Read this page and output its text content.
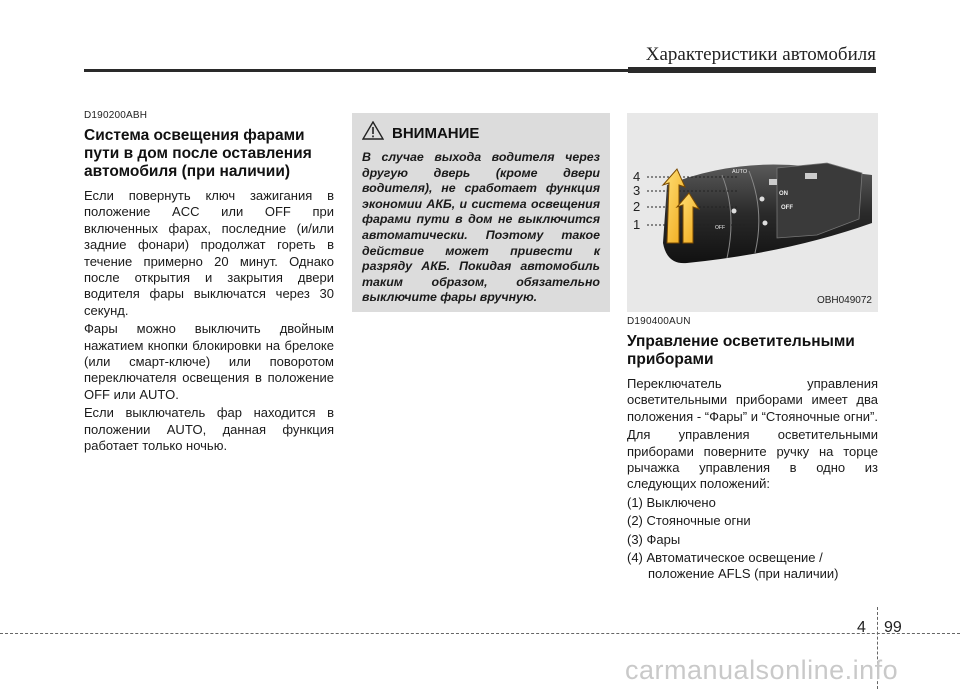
Характеристики автомобиля
D190200ABH
Система освещения фарами пути в дом после оставления автомобиля (при наличии)

Если повернуть ключ зажигания в положение ACC или OFF при включенных фарах, последние (и/или задние фонари) продолжат гореть в течение примерно 20 минут. Однако после открытия и закрытия двери водителя фары выключатся через 30 секунд.

Фары можно выключить двойным нажатием кнопки блокировки на брелоке (или смарт-ключе) или поворотом переключателя освещения в положение OFF или AUTO.

Если выключатель фар находится в положении AUTO, данная функция работает только ночью.

ВНИМАНИЕ
В случае выхода водителя через другую дверь (кроме двери водителя), не сработает функция экономии АКБ, и система освещения фарами пути в дом не выключится автоматически. Поэтому такое действие может привести к разряду АКБ. Покидая автомобиль таким образом, обязательно выключите фары вручную.
AUTO
ON
OFF
OFF
4
3
2
1
OBH049072
D190400AUN
Управление осветительными приборами

Переключатель управления осветительными приборами имеет два положения - “Фары” и “Стояночные огни”.

Для управления осветительными приборами поверните ручку на торце рычажка управления в одно из следующих положений:

(1) Выключено
(2) Стояночные огни
(3) Фары
(4) Автоматическое освещение /
положение AFLS (при наличии)
4 99
carmanualsonline.info
